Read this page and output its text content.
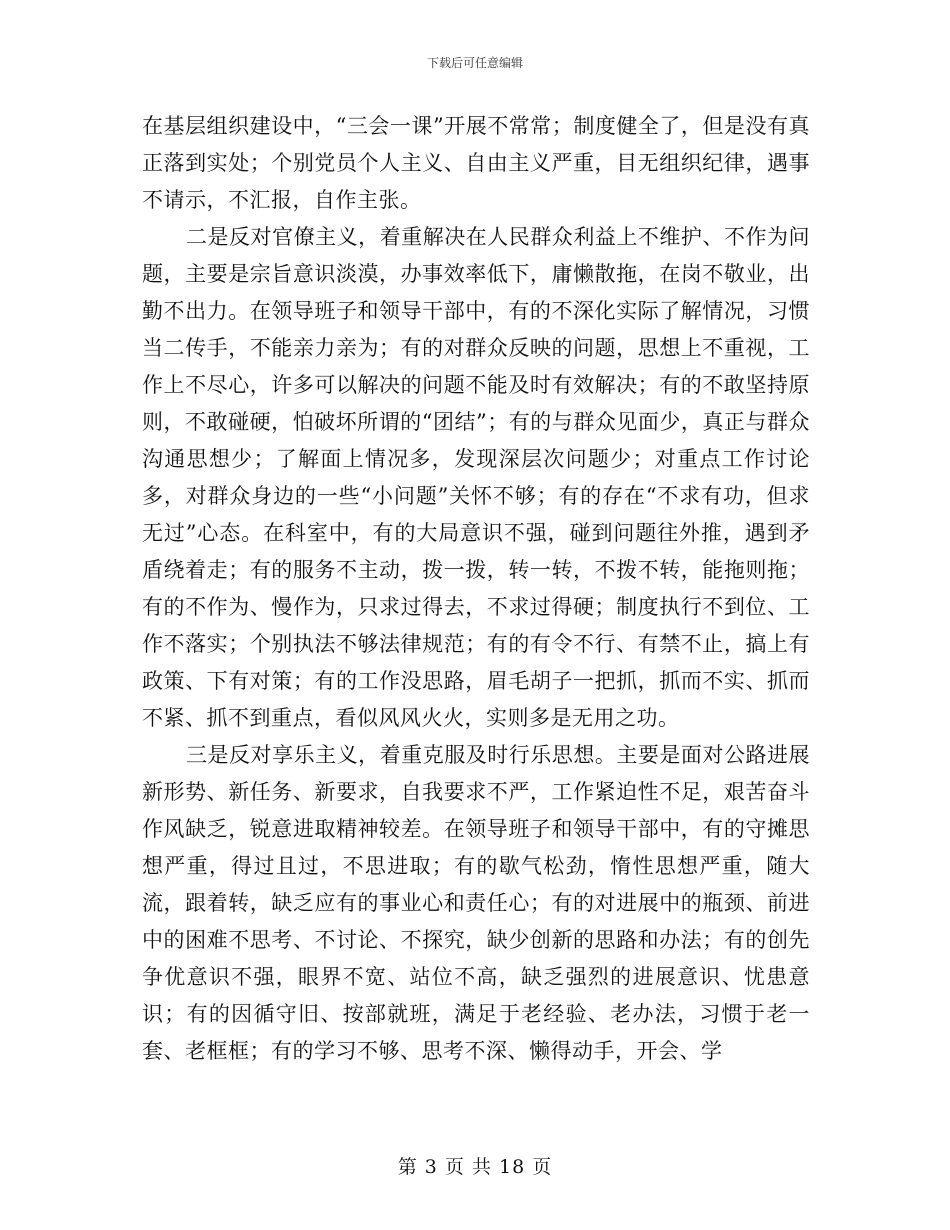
下载后可任意编辑

在基层组织建设中，“三会一课”开展不常常；制度健全了，但是没有真正落到实处；个别党员个人主义、自由主义严重，目无组织纪律，遇事不请示，不汇报，自作主张。

二是反对官僚主义，着重解决在人民群众利益上不维护、不作为问题，主要是宗旨意识淡漠，办事效率低下，庸懒散拖，在岗不敬业，出勤不出力。在领导班子和领导干部中，有的不深化实际了解情况，习惯当二传手，不能亲力亲为；有的对群众反映的问题，思想上不重视，工作上不尽心，许多可以解决的问题不能及时有效解决；有的不敢坚持原则，不敢碰硬，怕破坏所谓的“团结”；有的与群众见面少，真正与群众沟通思想少；了解面上情况多，发现深层次问题少；对重点工作讨论多，对群众身边的一些“小问题”关怀不够；有的存在“不求有功，但求无过”心态。在科室中，有的大局意识不强，碰到问题往外推，遇到矛盾绕着走；有的服务不主动，拨一拨，转一转，不拨不转，能拖则拖；有的不作为、慢作为，只求过得去，不求过得硬；制度执行不到位、工作不落实；个别执法不够法律规范；有的有令不行、有禁不止，搞上有政策、下有对策；有的工作没思路，眉毛胡子一把抓，抓而不实、抓而不紧、抓不到重点，看似风风火火，实则多是无用之功。

三是反对享乐主义，着重克服及时行乐思想。主要是面对公路进展新形势、新任务、新要求，自我要求不严，工作紧迫性不足，艰苦奋斗作风缺乏，锐意进取精神较差。在领导班子和领导干部中，有的守摊思想严重，得过且过，不思进取；有的歇气松劲，惰性思想严重，随大流，跟着转，缺乏应有的事业心和责任心；有的对进展中的瓶颈、前进中的困难不思考、不讨论、不探究，缺少创新的思路和办法；有的创先争优意识不强，眼界不宽、站位不高，缺乏强烈的进展意识、忧患意识；有的因循守旧、按部就班，满足于老经验、老办法，习惯于老一套、老框框；有的学习不够、思考不深、懒得动手，开会、学

第 3 页 共 18 页
